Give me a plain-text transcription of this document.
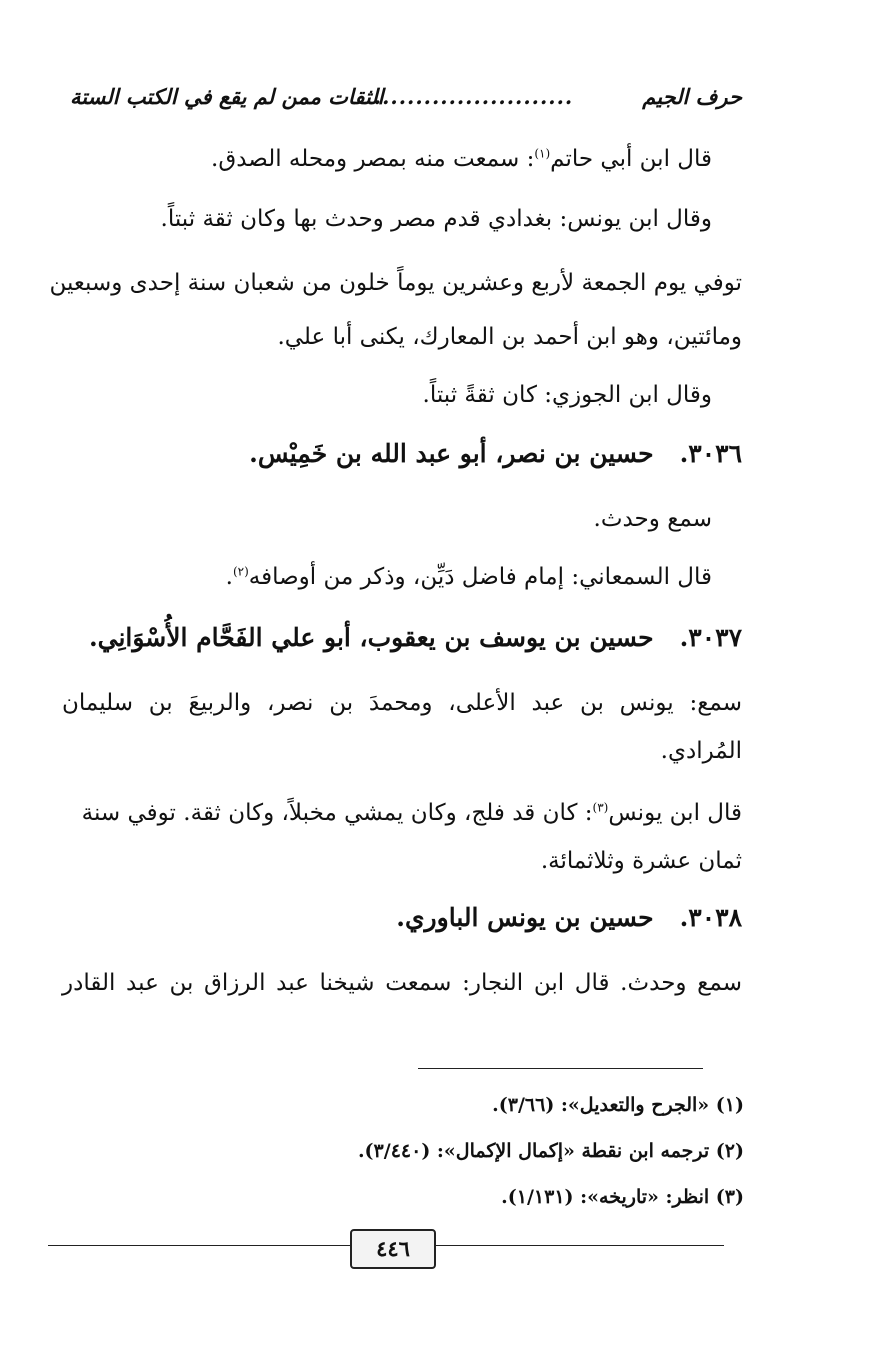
حرف الجيم
........................
الثقات ممن لم يقع في الكتب الستة
قال ابن أبي حاتم$^{(١)}$: سمعت منه بمصر ومحله الصدق.
وقال ابن يونس: بغدادي قدم مصر وحدث بها وكان ثقة ثبتاً.
توفي يوم الجمعة لأربع وعشرين يوماً خلون من شعبان سنة إحدى وسبعين
ومائتين، وهو ابن أحمد بن المعارك، يكنى أبا علي.
وقال ابن الجوزي: كان ثقةً ثبتاً.
٣٠٣٦.حسين بن نصر، أبو عبد الله بن خَمِيْس.
سمع وحدث.
قال السمعاني: إمام فاضل دَيِّن، وذكر من أوصافه$^{(٢)}$.
٣٠٣٧.حسين بن يوسف بن يعقوب، أبو علي الفَحَّام الأُسْوَانِي.
سمع: يونس بن عبد الأعلى، ومحمدَ بن نصر، والربيعَ بن سليمان
المُرادي.
قال ابن يونس$^{(٣)}$: كان قد فلج، وكان يمشي مخبلاً، وكان ثقة. توفي سنة
ثمان عشرة وثلاثمائة.
٣٠٣٨.حسين بن يونس الباوري.
سمع وحدث. قال ابن النجار: سمعت شيخنا عبد الرزاق بن عبد القادر
(١) «الجرح والتعديل»: (٣/٦٦).
(٢) ترجمه ابن نقطة «إكمال الإكمال»: (٣/٤٤٠).
(٣) انظر: «تاريخه»: (١/١٣١).
٤٤٦
